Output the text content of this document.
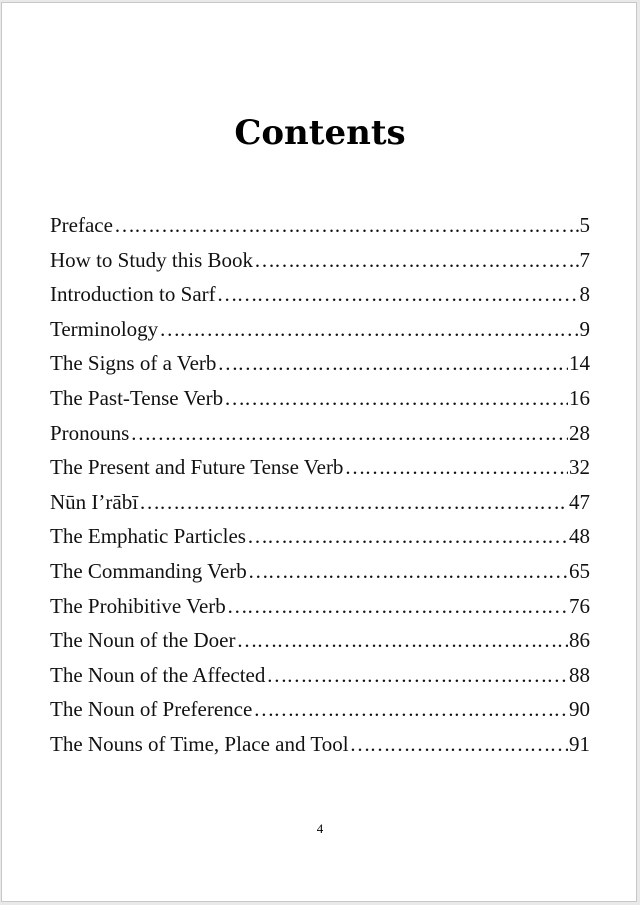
Contents
Preface …………………………………………………………………………………………………………………………………	5
How to Study this Book …………………………………………………………………………………………………………………………………	7
Introduction to Sarf …………………………………………………………………………………………………………………………………	8
Terminology …………………………………………………………………………………………………………………………………	9
The Signs of a Verb …………………………………………………………………………………………………………………………………	14
The Past-Tense Verb …………………………………………………………………………………………………………………………………	16
Pronouns …………………………………………………………………………………………………………………………………	28
The Present and Future Tense Verb …………………………………………………………………………………………………………………………………	32
Nūn I’rābī …………………………………………………………………………………………………………………………………	47
The Emphatic Particles …………………………………………………………………………………………………………………………………	48
The Commanding Verb …………………………………………………………………………………………………………………………………	65
The Prohibitive Verb …………………………………………………………………………………………………………………………………	76
The Noun of the Doer …………………………………………………………………………………………………………………………………	86
The Noun of the Affected …………………………………………………………………………………………………………………………………	88
The Noun of Preference …………………………………………………………………………………………………………………………………	90
The Nouns of Time, Place and Tool …………………………………………………………………………………………………………………………………	91
4
